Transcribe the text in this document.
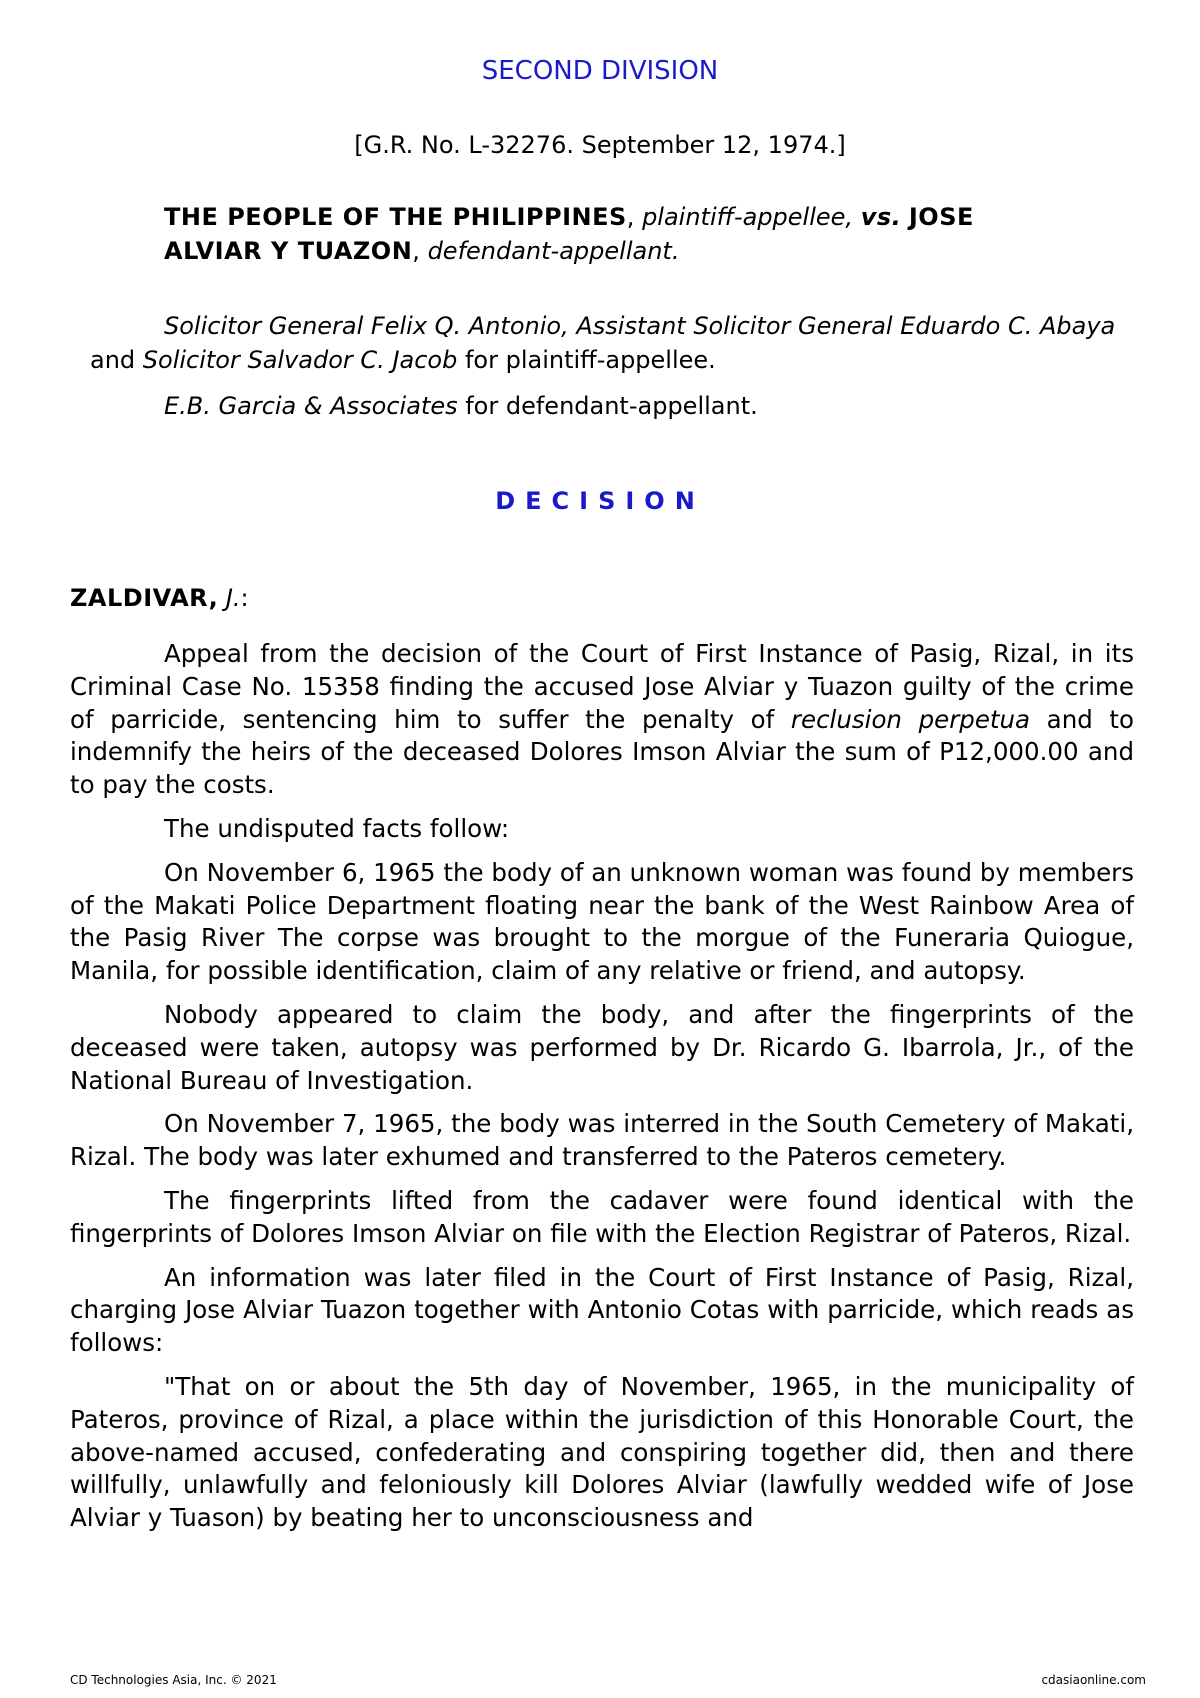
SECOND DIVISION
[G.R. No. L-32276. September 12, 1974.]
THE PEOPLE OF THE PHILIPPINES, plaintiff-appellee, vs. JOSE
ALVIAR Y TUAZON, defendant-appellant.
Solicitor General Felix Q. Antonio, Assistant Solicitor General Eduardo C. Abaya and Solicitor Salvador C. Jacob for plaintiff-appellee.
E.B. Garcia & Associates for defendant-appellant.
DECISION
ZALDIVAR, J.:

Appeal from the decision of the Court of First Instance of Pasig, Rizal, in its Criminal Case No. 15358 finding the accused Jose Alviar y Tuazon guilty of the crime of parricide, sentencing him to suffer the penalty of reclusion perpetua and to indemnify the heirs of the deceased Dolores Imson Alviar the sum of P12,000.00 and to pay the costs.

The undisputed facts follow:

On November 6, 1965 the body of an unknown woman was found by members of the Makati Police Department floating near the bank of the West Rainbow Area of the Pasig River The corpse was brought to the morgue of the Funeraria Quiogue, Manila, for possible identification, claim of any relative or friend, and autopsy.

Nobody appeared to claim the body, and after the fingerprints of the deceased were taken, autopsy was performed by Dr. Ricardo G. Ibarrola, Jr., of the National Bureau of Investigation.

On November 7, 1965, the body was interred in the South Cemetery of Makati, Rizal. The body was later exhumed and transferred to the Pateros cemetery.

The fingerprints lifted from the cadaver were found identical with the fingerprints of Dolores Imson Alviar on file with the Election Registrar of Pateros, Rizal.

An information was later filed in the Court of First Instance of Pasig, Rizal, charging Jose Alviar Tuazon together with Antonio Cotas with parricide, which reads as follows:

"That on or about the 5th day of November, 1965, in the municipality of Pateros, province of Rizal, a place within the jurisdiction of this Honorable Court, the above-named accused, confederating and conspiring together did, then and there willfully, unlawfully and feloniously kill Dolores Alviar (lawfully wedded wife of Jose Alviar y Tuason) by beating her to unconsciousness and

CD Technologies Asia, Inc. © 2021	cdasiaonline.com
